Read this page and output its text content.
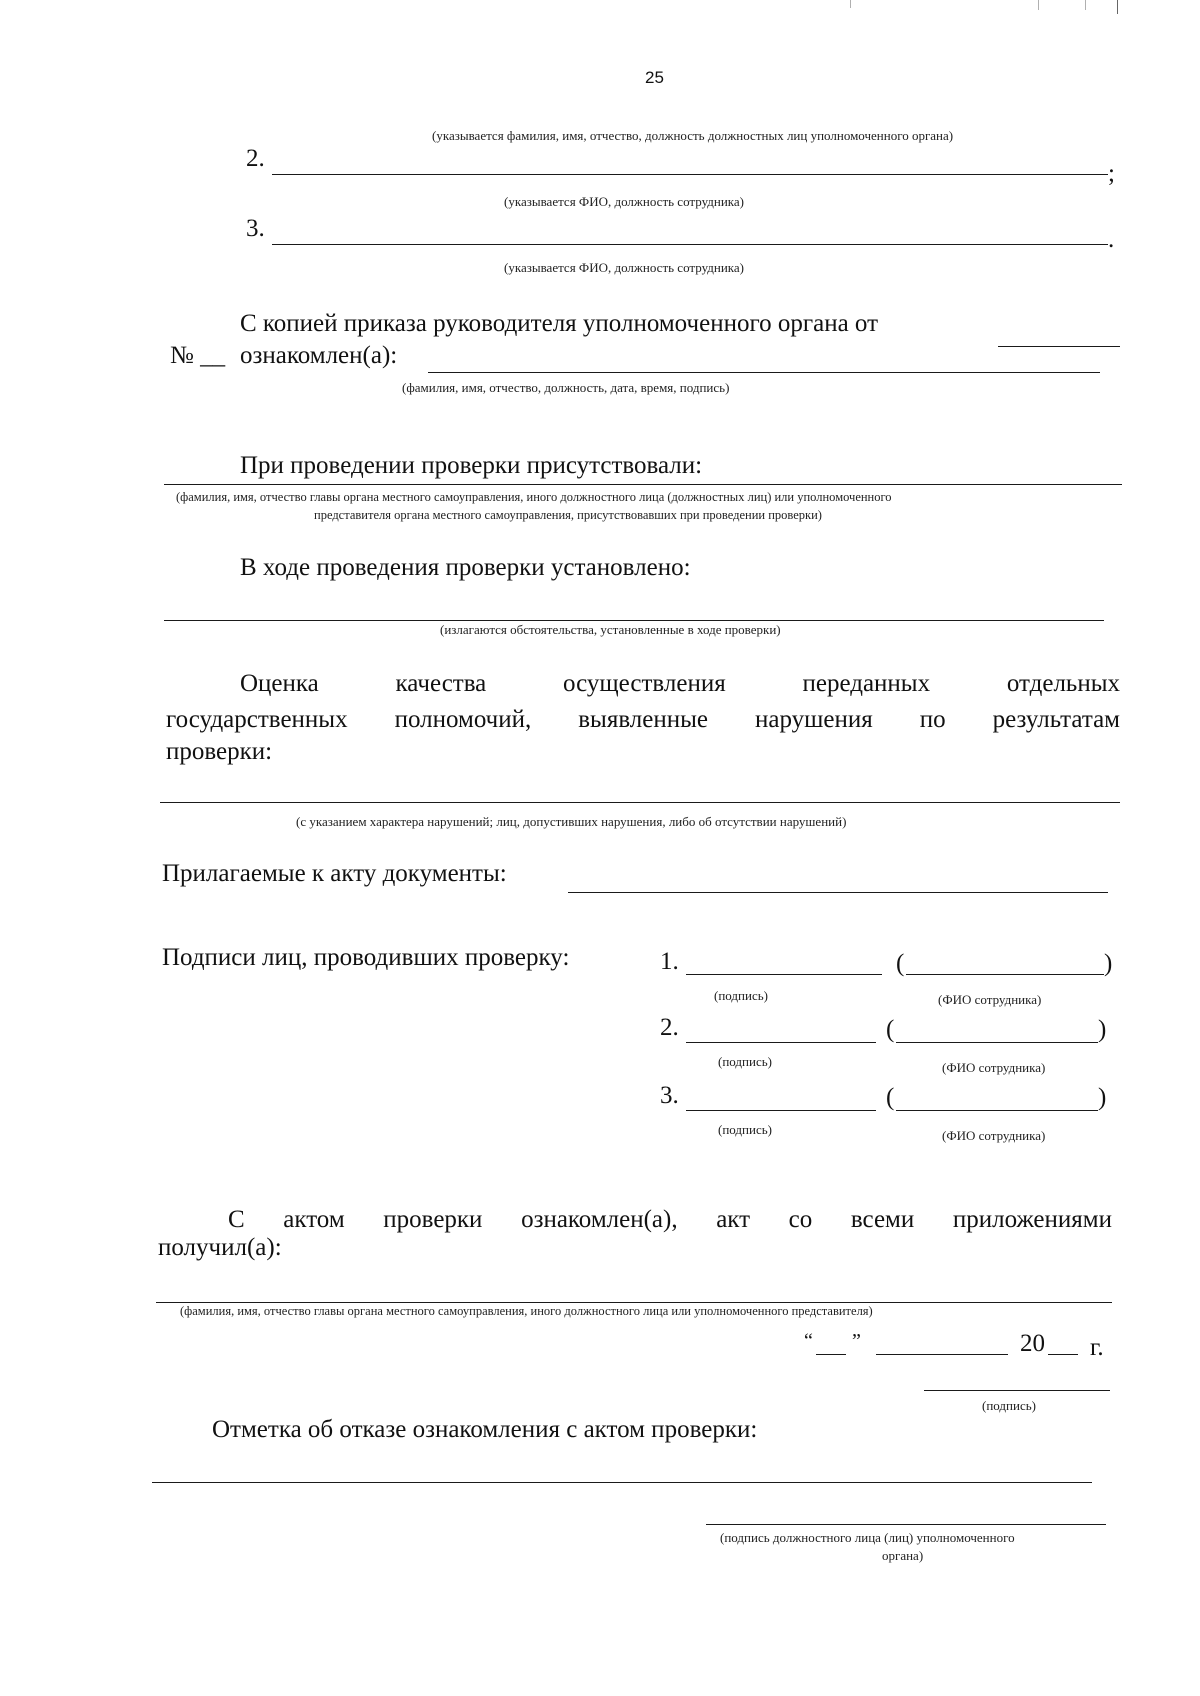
25
(указывается фамилия, имя, отчество, должность должностных лиц уполномоченного органа)
2.
;
(указывается ФИО, должность сотрудника)
3.	.
(указывается ФИО, должность сотрудника)
С копией приказа руководителя уполномоченного органа от
№ __ ознакомлен(а):
(фамилия, имя, отчество, должность, дата, время, подпись)
При проведении проверки присутствовали:
(фамилия, имя, отчество главы органа местного самоуправления, иного должностного лица (должностных лиц) или уполномоченного
представителя органа местного самоуправления, присутствовавших при проведении проверки)
В ходе проведения проверки установлено:
(излагаются обстоятельства, установленные в ходе проверки)
Оценка качества осуществления переданных отдельных
государственных полномочий, выявленные нарушения по результатам
проверки:
(с указанием характера нарушений; лиц, допустивших нарушения, либо об отсутствии нарушений)
Прилагаемые к акту документы:
Подписи лиц, проводивших проверку:	1.	(	)
(подпись)	(ФИО сотрудника)
2.	(	)
(подпись)	(ФИО сотрудника)
3.	(	)
(подпись)	(ФИО сотрудника)
С актом проверки ознакомлен(а), акт со всеми приложениями
получил(а):
(фамилия, имя, отчество главы органа местного самоуправления, иного должностного лица или уполномоченного представителя)
“ ”	20 г.
(подпись)
Отметка об отказе ознакомления с актом проверки:
(подпись должностного лица (лиц) уполномоченного
органа)
